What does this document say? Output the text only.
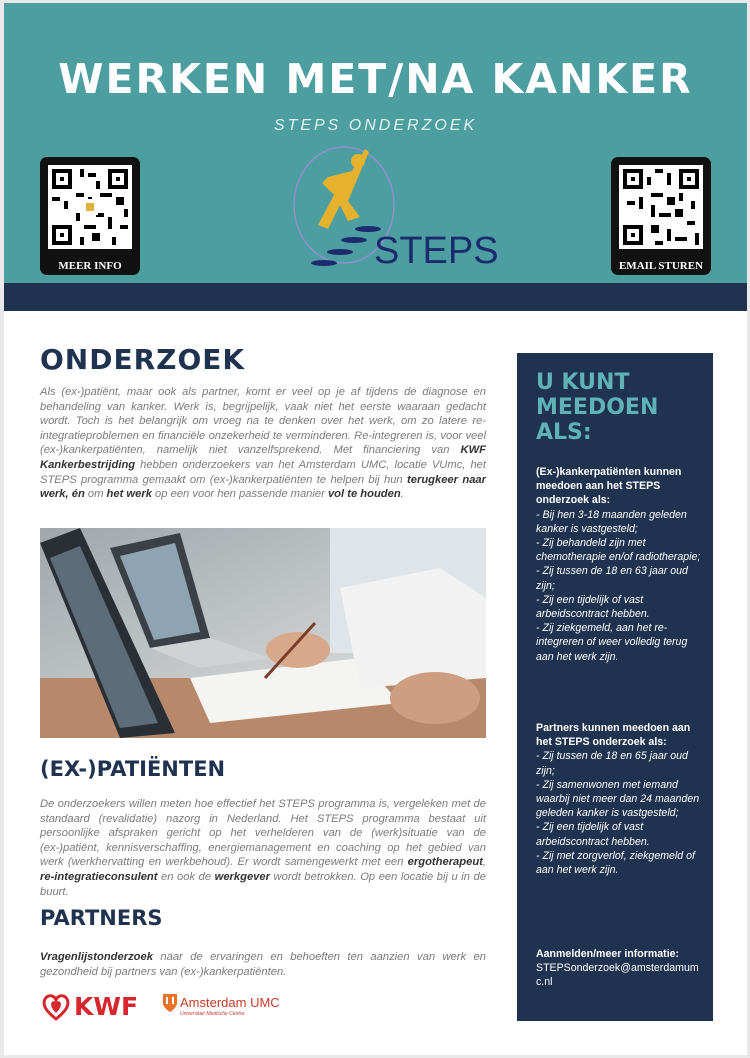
WERKEN MET/NA KANKER
STEPS ONDERZOEK
MEER INFO	EMAIL STUREN
STEPS
ONDERZOEK
Als (ex-)patiënt, maar ook als partner, komt er veel op je af tijdens de diagnose en behandeling van kanker. Werk is, begrijpelijk, vaak niet het eerste waaraan gedacht wordt. Toch is het belangrijk om vroeg na te denken over het werk, om zo latere re-integratieproblemen en financiële onzekerheid te verminderen. Re-integreren is, voor veel (ex-)kankerpatiënten, namelijk niet vanzelfsprekend. Met financiering van KWF Kankerbestrijding hebben onderzoekers van het Amsterdam UMC, locatie VUmc, het STEPS programma gemaakt om (ex-)kankerpatiënten te helpen bij hun terugkeer naar werk, én om het werk op een voor hen passende manier vol te houden.
(EX-)PATIËNTEN
De onderzoekers willen meten hoe effectief het STEPS programma is, vergeleken met de standaard (revalidatie) nazorg in Nederland. Het STEPS programma bestaat uit persoonlijke afspraken gericht op het verhelderen van de (werk)situatie van de (ex-)patiënt, kennisverschaffing, energiemanagement en coaching op het gebied van werk (werkhervatting en werkbehoud). Er wordt samengewerkt met een ergotherapeut, re-integratieconsulent en ook de werkgever wordt betrokken. Op een locatie bij u in de buurt.
PARTNERS
Vragenlijstonderzoek naar de ervaringen en behoeften ten aanzien van werk en gezondheid bij partners van (ex-)kankerpatiënten.
KWF	Amsterdam UMC
Universitair Medische Centra
U KUNT MEEDOEN ALS:
(Ex-)kankerpatiënten kunnen meedoen aan het STEPS onderzoek als:
- Bij hen 3-18 maanden geleden kanker is vastgesteld;
- Zij behandeld zijn met chemotherapie en/of radiotherapie;
- Zij tussen de 18 en 63 jaar oud zijn;
- Zij een tijdelijk of vast arbeidscontract hebben.
- Zij ziekgemeld, aan het re-integreren of weer volledig terug aan het werk zijn.
Partners kunnen meedoen aan het STEPS onderzoek als:
- Zij tussen de 18 en 65 jaar oud zijn;
- Zij samenwonen met iemand waarbij niet meer dan 24 maanden geleden kanker is vastgesteld;
- Zij een tijdelijk of vast arbeidscontract hebben.
- Zij met zorgverlof, ziekgemeld of aan het werk zijn.
Aanmelden/meer informatie:
STEPSonderzoek@amsterdamumc.nl
